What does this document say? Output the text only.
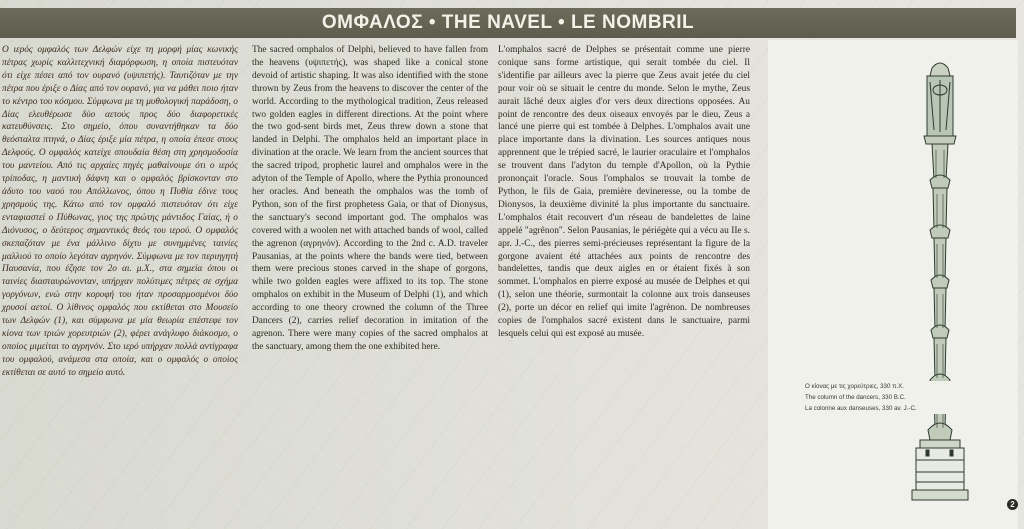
ΟΜΦΑΛΟΣ • THE NAVEL • LE NOMBRIL

Ο ιερός ομφαλός των Δελφών είχε τη μορφή μίας κωνικής πέτρας χωρίς καλλιτεχνική διαμόρφωση, η οποία πιστευόταν ότι είχε πέσει από τον ουρανό (υψιπετής). Ταυτιζόταν με την πέτρα που έριξε ο Δίας από τον ουρανό, για να μάθει ποιο ήταν το κέντρο του κόσμου. Σύμφωνα με τη μυθολογική παράδοση, ο Δίας ελευθέρωσε δύο αετούς προς δύο διαφορετικές κατευθύνσεις. Στο σημείο, όπου συναντήθηκαν τα δύο θεόσταλτα πτηνά, ο Δίας έριξε μία πέτρα, η οποία έπεσε στους Δελφούς. Ο ομφαλός κατείχε σπουδαία θέση στη χρησμοδοσία του μαντείου. Από τις αρχαίες πηγές μαθαίνουμε ότι ο ιερός τρίποδας, η μαντική δάφνη και ο ομφαλός βρίσκονταν στο άδυτο του ναού του Απόλλωνος, όπου η Πυθία έδινε τους χρησμούς της. Κάτω από τον ομφαλό πιστευόταν ότι είχε ενταφιαστεί ο Πύθωνας, γιος της πρώτης μάντιδος Γαίας, ή ο Διόνυσος, ο δεύτερος σημαντικός θεός του ιερού. Ο ομφαλός σκεπαζόταν με ένα μάλλινο δίχτυ με συνημμένες ταινίες μαλλιού το οποίο λεγόταν αγρηνόν. Σύμφωνα με τον περιηγητή Παυσανία, που έζησε τον 2ο αι. μ.Χ., στα σημεία όπου οι ταινίες διασταυρώνονταν, υπήρχαν πολύτιμες πέτρες σε σχήμα γοργόνων, ενώ στην κορυφή του ήταν προσαρμοσμένοι δύο χρυσοί αετοί. Ο λίθινος ομφαλός που εκτίθεται στο Μουσείο των Δελφών (1), και σύμφωνα με μία θεωρία επέστεφε τον κίονα των τριών χορευτριών (2), φέρει ανάγλυφο διάκοσμο, ο οποίος μιμείται το αγρηνόν. Στο ιερό υπήρχαν πολλά αντίγραφα του ομφαλού, ανάμεσα στα οποία, και ο ομφαλός ο οποίος εκτίθεται σε αυτό το σημείο αυτό.

The sacred omphalos of Delphi, believed to have fallen from the heavens (υψιπετής), was shaped like a conical stone devoid of artistic shaping. It was also identified with the stone thrown by Zeus from the heavens to discover the center of the world. According to the mythological tradition, Zeus released two golden eagles in different directions. At the point where the two god-sent birds met, Zeus threw down a stone that landed in Delphi. The omphalos held an important place in divination at the oracle. We learn from the ancient sources that the sacred tripod, prophetic laurel and omphalos were in the adyton of the Temple of Apollo, where the Pythia pronounced her oracles. And beneath the omphalos was the tomb of Python, son of the first prophetess Gaia, or that of Dionysus, the sanctuary's second important god. The omphalos was covered with a woolen net with attached bands of wool, called the agrenon (αγρηνόν). According to the 2nd c. A.D. traveler Pausanias, at the points where the bands were tied, between them were precious stones carved in the shape of gorgons, while two golden eagles were affixed to its top. The stone omphalos on exhibit in the Museum of Delphi (1), and which according to one theory crowned the column of the Three Dancers (2), carries relief decoration in imitation of the agrenon. There were many copies of the sacred omphalos at the sanctuary, among them the one exhibited here.

L'omphalos sacré de Delphes se présentait comme une pierre conique sans forme artistique, qui serait tombée du ciel. Il s'identifie par ailleurs avec la pierre que Zeus avait jetée du ciel pour voir où se situait le centre du monde. Selon le mythe, Zeus aurait lâché deux aigles d'or vers deux directions opposées. Au point de rencontre des deux oiseaux envoyés par le dieu, Zeus a lancé une pierre qui est tombée à Delphes. L'omphalos avait une place importante dans la divination. Les sources antiques nous apprennent que le trépied sacré, le laurier oraculaire et l'omphalos se trouvent dans l'adyton du temple d'Apollon, où la Pythie prononçait l'oracle. Sous l'omphalos se trouvait la tombe de Python, le fils de Gaia, première devineresse, ou la tombe de Dionysos, la deuxième divinité la plus importante du sanctuaire. L'omphalos était recouvert d'un réseau de bandelettes de laine appelé "agrênon". Selon Pausanias, le périégète qui a vécu au IIe s. apr. J.-C., des pierres semi-précieuses représentant la figure de la gorgone avaient été attachées aux points de rencontre des bandelettes, tandis que deux aigles en or étaient fixés à son sommet. L'omphalos en pierre exposé au musée de Delphes et qui (1), selon une théorie, surmontait la colonne aux trois danseuses (2), porte un décor en relief qui imite l'agrènon. De nombreuses copies de l'omphalos sacré existent dans le sanctuaire, parmi lesquels celui qui est exposé au musée.

Ο κίονας με τις χορεύτριες, 330 π.Χ.
The column of the dancers, 330 B.C.
La colonne aux danseuses, 330 av. J.-C.
2
